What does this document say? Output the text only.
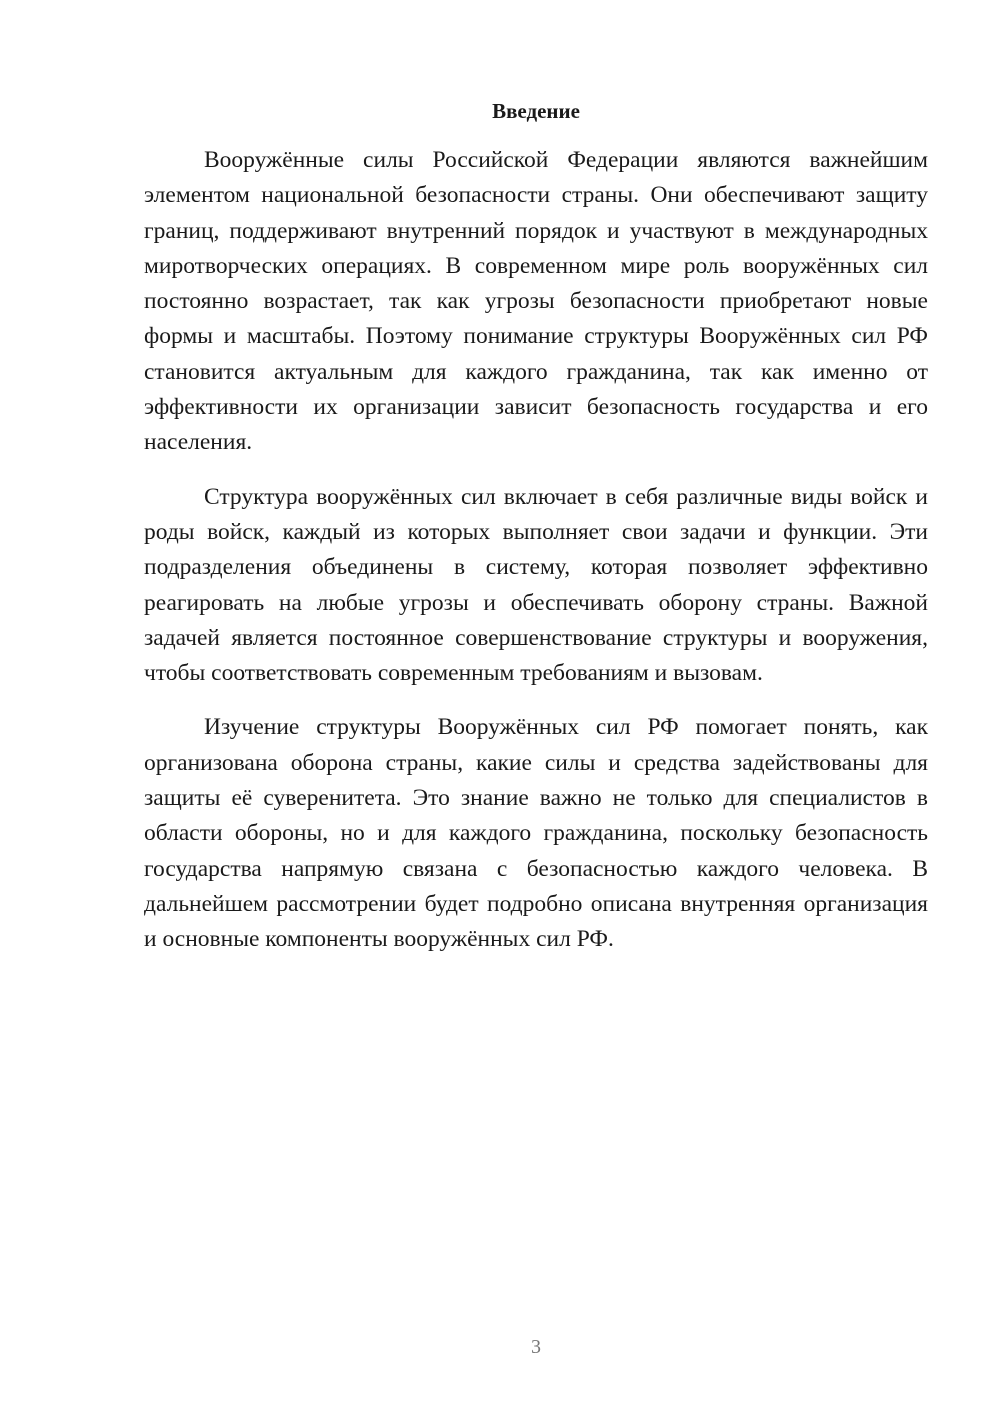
Введение

Вооружённые силы Российской Федерации являются важнейшим элементом национальной безопасности страны. Они обеспечивают защиту границ, поддерживают внутренний порядок и участвуют в международных миротворческих операциях. В современном мире роль вооружённых сил постоянно возрастает, так как угрозы безопасности приобретают новые формы и масштабы. Поэтому понимание структуры Вооружённых сил РФ становится актуальным для каждого гражданина, так как именно от эффективности их организации зависит безопасность государства и его населения.

Структура вооружённых сил включает в себя различные виды войск и роды войск, каждый из которых выполняет свои задачи и функции. Эти подразделения объединены в систему, которая позволяет эффективно реагировать на любые угрозы и обеспечивать оборону страны. Важной задачей является постоянное совершенствование структуры и вооружения, чтобы соответствовать современным требованиям и вызовам.

Изучение структуры Вооружённых сил РФ помогает понять, как организована оборона страны, какие силы и средства задействованы для защиты её суверенитета. Это знание важно не только для специалистов в области обороны, но и для каждого гражданина, поскольку безопасность государства напрямую связана с безопасностью каждого человека. В дальнейшем рассмотрении будет подробно описана внутренняя организация и основные компоненты вооружённых сил РФ.

3
